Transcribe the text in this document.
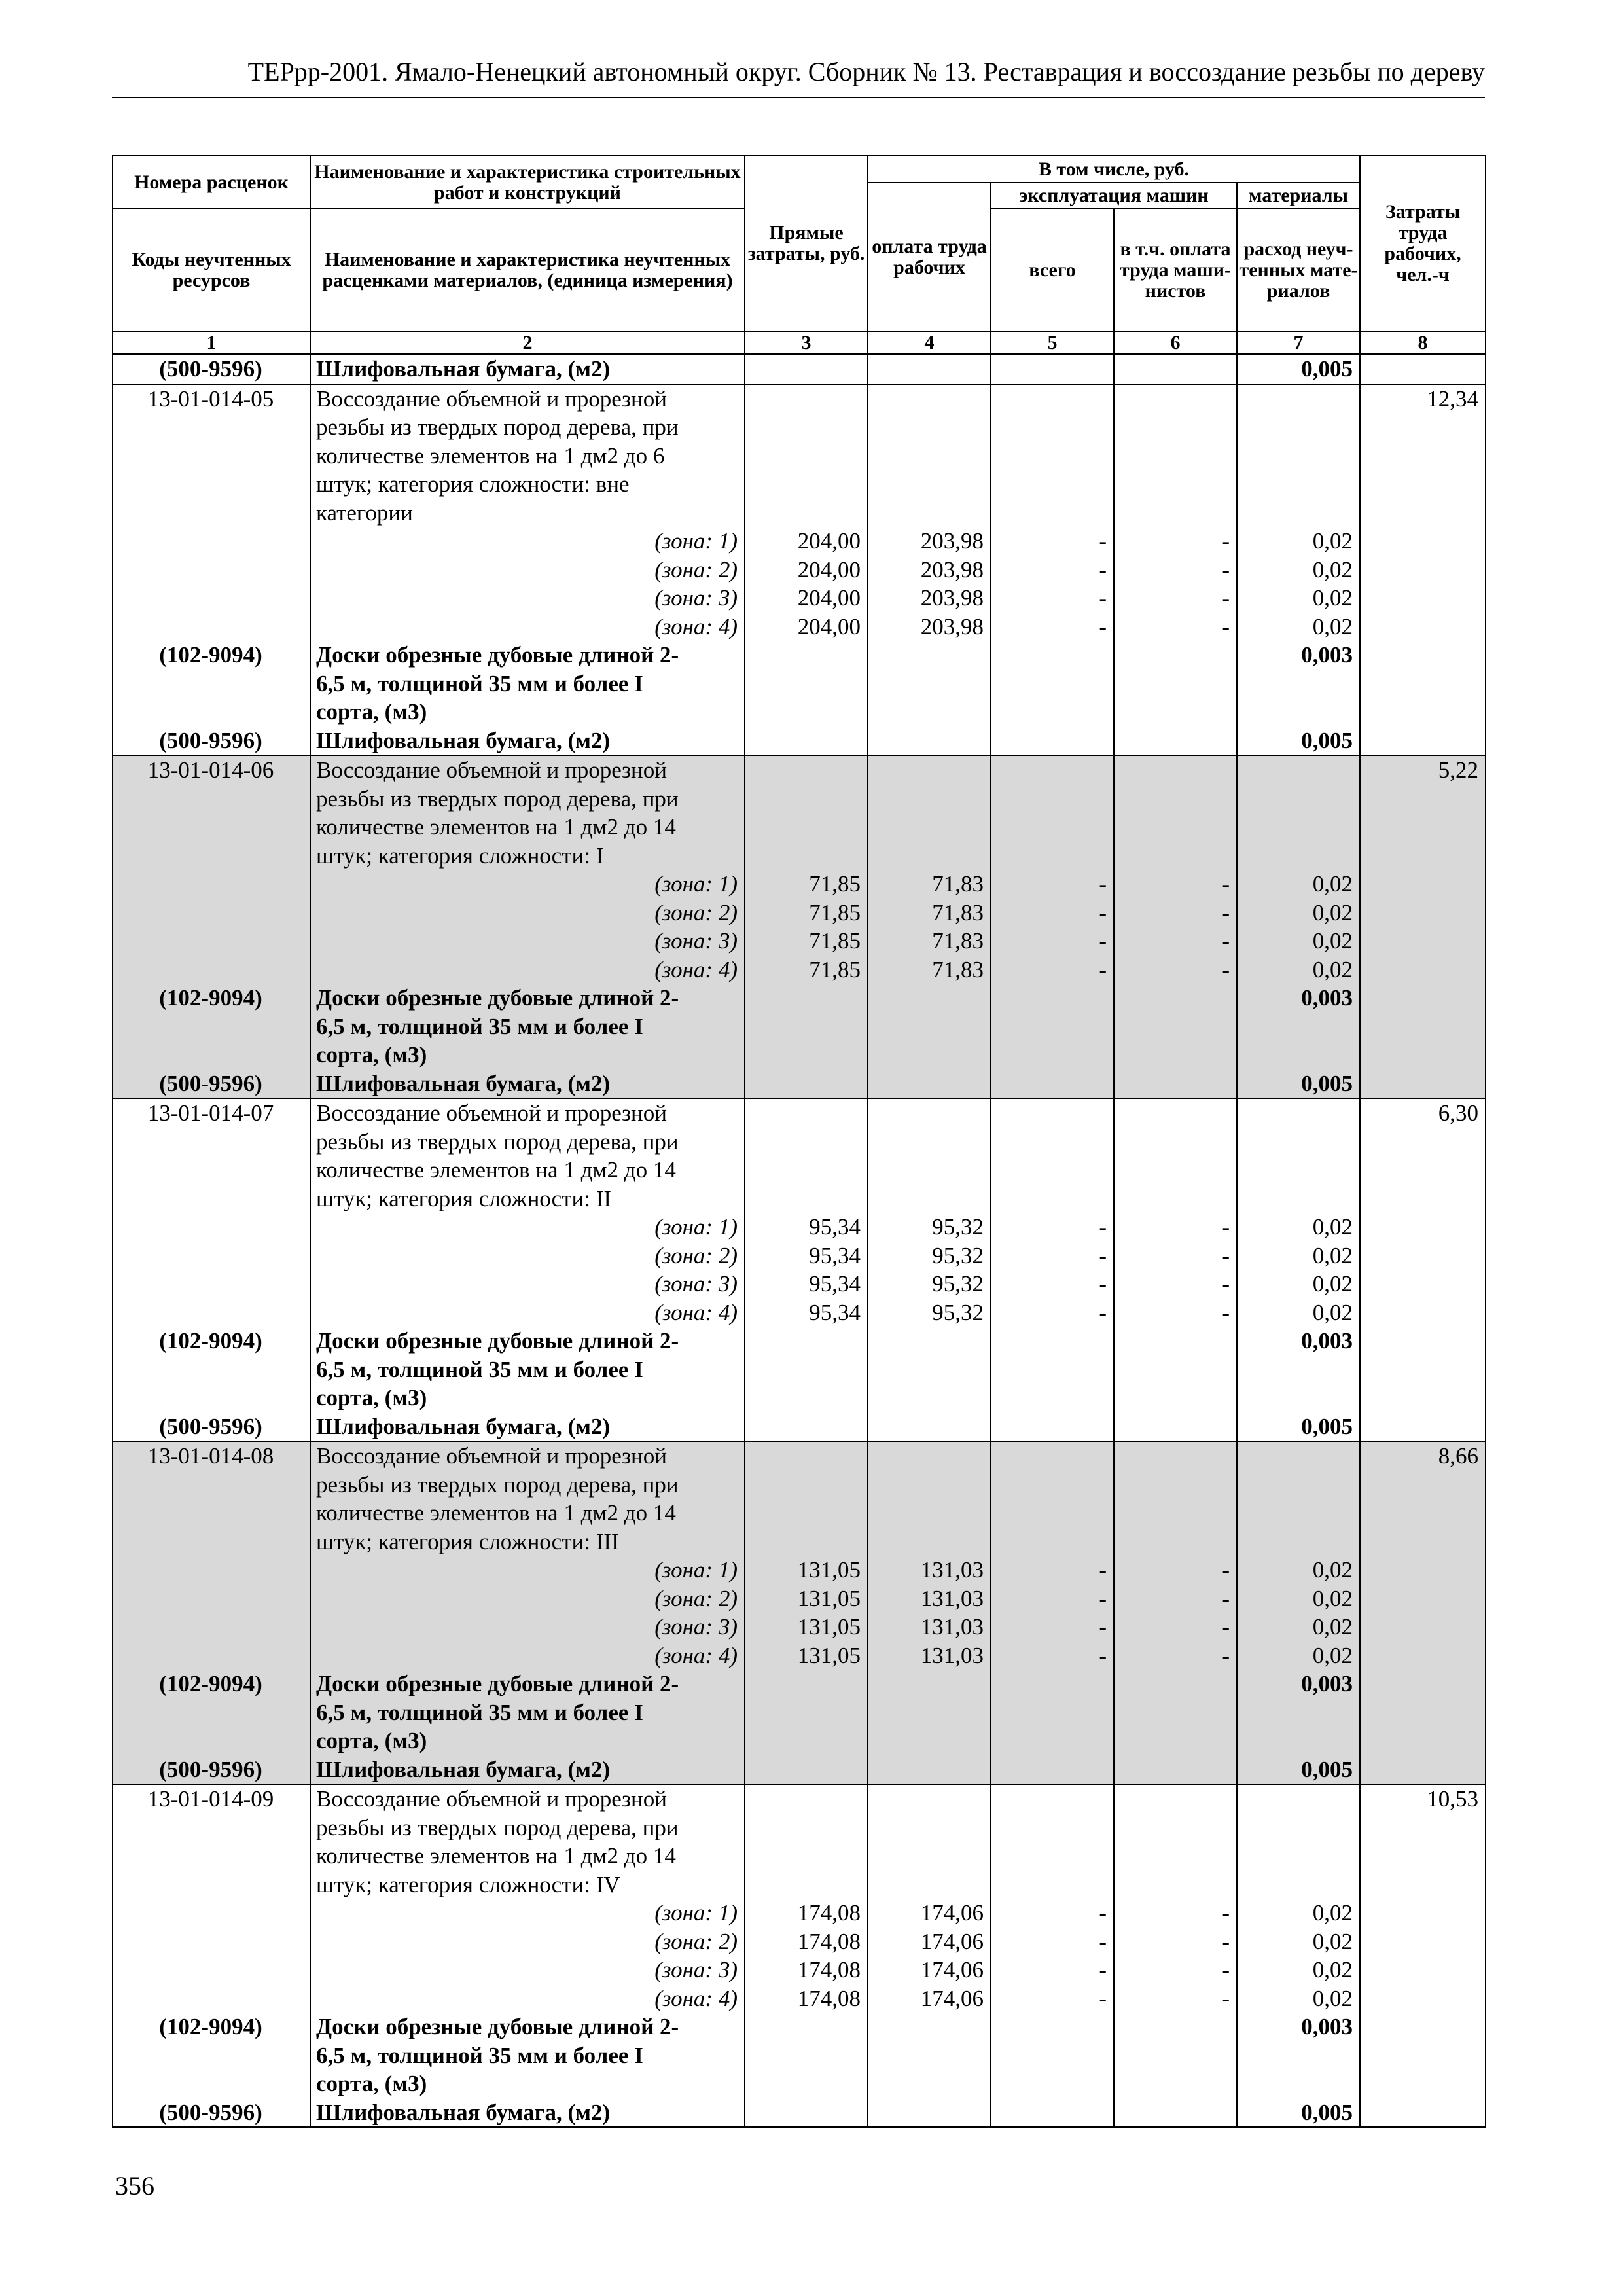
ТЕРрр-2001. Ямало-Ненецкий автономный округ. Сборник № 13. Реставрация и воссоздание резьбы по дереву
Номера расценок	Наименование и характеристика строительных работ и конструкций	Прямые затраты, руб.	В том числе, руб.				Затраты труда рабочих, чел.-ч
			оплата труда рабочих	эксплуатация машин		материалы	
Коды неучтенных ресурсов	Наименование и характеристика неучтенных расценками материалов, (единица измерения)			всего	в т.ч. оплата труда маши-нистов	расход неуч-тенных мате-риалов	

1	2	3	4	5	6	7	8
(500-9596)	Шлифовальная бумага, (м2)					0,005	
13-01-014-05	Воссоздание объемной и прорезной						12,34
	резьбы из твердых пород дерева, при						
	количестве элементов на 1 дм2 до 6						
	штук; категория сложности: вне						
	категории						
	(зона: 1)	204,00	203,98	-	-	0,02	
	(зона: 2)	204,00	203,98	-	-	0,02	
	(зона: 3)	204,00	203,98	-	-	0,02	
	(зона: 4)	204,00	203,98	-	-	0,02	
(102-9094)	Доски обрезные дубовые длиной 2-					0,003	
	6,5 м, толщиной 35 мм и более I						
	сорта, (м3)						
(500-9596)	Шлифовальная бумага, (м2)					0,005	
13-01-014-06	Воссоздание объемной и прорезной						5,22
	резьбы из твердых пород дерева, при						
	количестве элементов на 1 дм2 до 14						
	штук; категория сложности: I						
	(зона: 1)	71,85	71,83	-	-	0,02	
	(зона: 2)	71,85	71,83	-	-	0,02	
	(зона: 3)	71,85	71,83	-	-	0,02	
	(зона: 4)	71,85	71,83	-	-	0,02	
(102-9094)	Доски обрезные дубовые длиной 2-					0,003	
	6,5 м, толщиной 35 мм и более I						
	сорта, (м3)						
(500-9596)	Шлифовальная бумага, (м2)					0,005	
13-01-014-07	Воссоздание объемной и прорезной						6,30
	резьбы из твердых пород дерева, при						
	количестве элементов на 1 дм2 до 14						
	штук; категория сложности: II						
	(зона: 1)	95,34	95,32	-	-	0,02	
	(зона: 2)	95,34	95,32	-	-	0,02	
	(зона: 3)	95,34	95,32	-	-	0,02	
	(зона: 4)	95,34	95,32	-	-	0,02	
(102-9094)	Доски обрезные дубовые длиной 2-					0,003	
	6,5 м, толщиной 35 мм и более I						
	сорта, (м3)						
(500-9596)	Шлифовальная бумага, (м2)					0,005	
13-01-014-08	Воссоздание объемной и прорезной						8,66
	резьбы из твердых пород дерева, при						
	количестве элементов на 1 дм2 до 14						
	штук; категория сложности: III						
	(зона: 1)	131,05	131,03	-	-	0,02	
	(зона: 2)	131,05	131,03	-	-	0,02	
	(зона: 3)	131,05	131,03	-	-	0,02	
	(зона: 4)	131,05	131,03	-	-	0,02	
(102-9094)	Доски обрезные дубовые длиной 2-					0,003	
	6,5 м, толщиной 35 мм и более I						
	сорта, (м3)						
(500-9596)	Шлифовальная бумага, (м2)					0,005	
13-01-014-09	Воссоздание объемной и прорезной						10,53
	резьбы из твердых пород дерева, при						
	количестве элементов на 1 дм2 до 14						
	штук; категория сложности: IV						
	(зона: 1)	174,08	174,06	-	-	0,02	
	(зона: 2)	174,08	174,06	-	-	0,02	
	(зона: 3)	174,08	174,06	-	-	0,02	
	(зона: 4)	174,08	174,06	-	-	0,02	
(102-9094)	Доски обрезные дубовые длиной 2-					0,003	
	6,5 м, толщиной 35 мм и более I						
	сорта, (м3)						
(500-9596)	Шлифовальная бумага, (м2)					0,005	
356
